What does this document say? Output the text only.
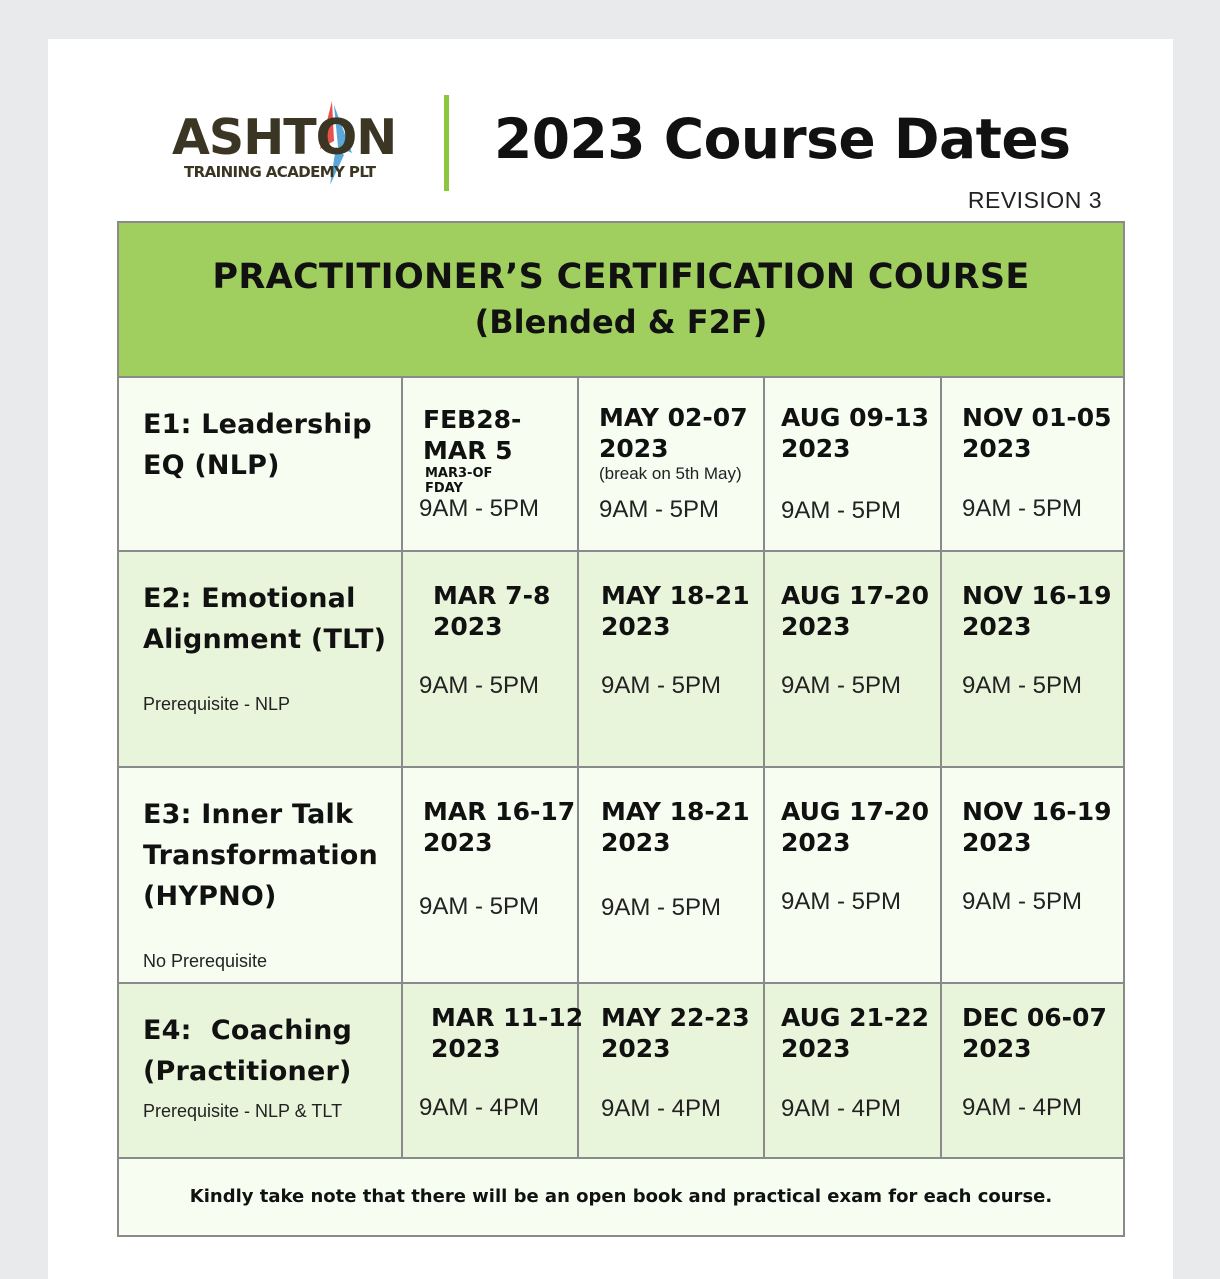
ASHTON
TRAINING ACADEMY PLT
2023 Course Dates
REVISION 3
PRACTITIONER’S CERTIFICATION COURSE
(Blended & F2F)
E1: Leadership
EQ (NLP)
FEB28-
MAR 5
MAR3-OF FDAY
9AM - 5PM
MAY 02-07
2023
(break on 5th May)
9AM - 5PM
AUG 09-13
2023
9AM - 5PM
NOV 01-05
2023
9AM - 5PM
E2: Emotional
Alignment (TLT)
Prerequisite - NLP
MAR 7-8
2023
9AM - 5PM
MAY 18-21
2023
9AM - 5PM
AUG 17-20
2023
9AM - 5PM
NOV 16-19
2023
9AM - 5PM
E3: Inner Talk
Transformation
(HYPNO)
No Prerequisite
MAR 16-17
2023
9AM - 5PM
MAY 18-21
2023
9AM - 5PM
AUG 17-20
2023
9AM - 5PM
NOV 16-19
2023
9AM - 5PM
E4:  Coaching
(Practitioner)
Prerequisite - NLP & TLT
MAR 11-12
2023
9AM - 4PM
MAY 22-23
2023
9AM - 4PM
AUG 21-22
2023
9AM - 4PM
DEC 06-07
2023
9AM - 4PM
Kindly take note that there will be an open book and practical exam for each course.
